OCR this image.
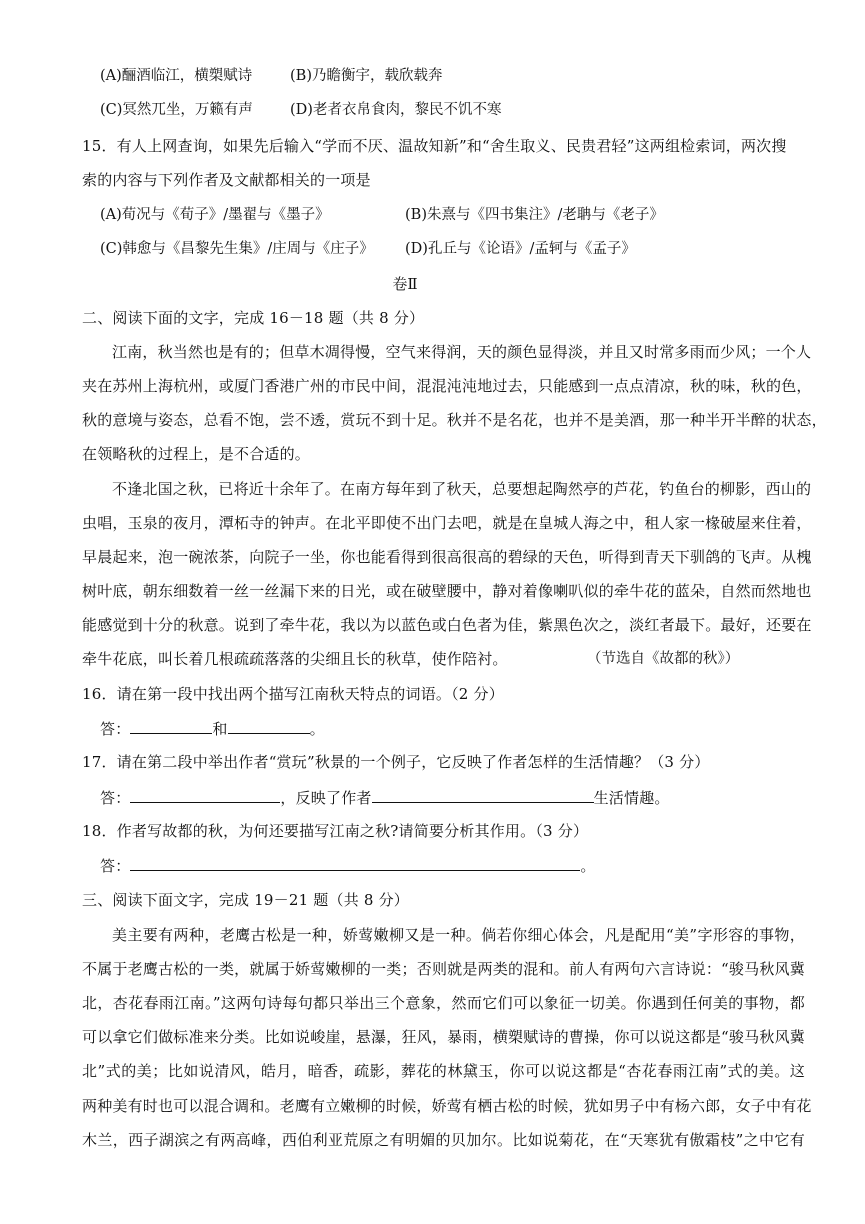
(A)酾酒临江，横槊赋诗	(B)乃瞻衡宇，载欣载奔
(C)冥然兀坐，万籁有声	(D)老者衣帛食肉，黎民不饥不寒
15．有人上网查询，如果先后输入“学而不厌、温故知新”和“舍生取义、民贵君轻”这两组检索词，两次搜
索的内容与下列作者及文献都相关的一项是
(A)荀况与《荀子》/墨翟与《墨子》	(B)朱熹与《四书集注》/老聃与《老子》
(C)韩愈与《昌黎先生集》/庄周与《庄子》 (D)孔丘与《论语》/孟轲与《孟子》
卷Ⅱ
二、阅读下面的文字，完成 16－18 题（共 8 分）
江南，秋当然也是有的；但草木凋得慢，空气来得润，天的颜色显得淡，并且又时常多雨而少风；一个人
夹在苏州上海杭州，或厦门香港广州的市民中间，混混沌沌地过去，只能感到一点点清凉，秋的味，秋的色，
秋的意境与姿态，总看不饱，尝不透，赏玩不到十足。秋并不是名花，也并不是美酒，那一种半开半醉的状态，
在领略秋的过程上，是不合适的。
不逢北国之秋，已将近十余年了。在南方每年到了秋天，总要想起陶然亭的芦花，钓鱼台的柳影，西山的
虫唱，玉泉的夜月，潭柘寺的钟声。在北平即使不出门去吧，就是在皇城人海之中，租人家一椽破屋来住着，
早晨起来，泡一碗浓茶，向院子一坐，你也能看得到很高很高的碧绿的天色，听得到青天下驯鸽的飞声。从槐
树叶底，朝东细数着一丝一丝漏下来的日光，或在破壁腰中，静对着像喇叭似的牵牛花的蓝朵，自然而然地也
能感觉到十分的秋意。说到了牵牛花，我以为以蓝色或白色者为佳，紫黑色次之，淡红者最下。最好，还要在
牵牛花底，叫长着几根疏疏落落的尖细且长的秋草，使作陪衬。	（节选自《故都的秋》）
16．请在第一段中找出两个描写江南秋天特点的词语。（2 分）
答：	和	。
17．请在第二段中举出作者“赏玩”秋景的一个例子，它反映了作者怎样的生活情趣？（3 分）
答：	，反映了作者	生活情趣。
18．作者写故都的秋，为何还要描写江南之秋?请简要分析其作用。（3 分）
答：	。
三、阅读下面文字，完成 19－21 题（共 8 分）
美主要有两种，老鹰古松是一种，娇莺嫩柳又是一种。倘若你细心体会，凡是配用“美”字形容的事物，
不属于老鹰古松的一类，就属于娇莺嫩柳的一类；否则就是两类的混和。前人有两句六言诗说：“骏马秋风冀
北，杏花春雨江南。”这两句诗每句都只举出三个意象，然而它们可以象征一切美。你遇到任何美的事物，都
可以拿它们做标准来分类。比如说峻崖，悬瀑，狂风，暴雨，横槊赋诗的曹操，你可以说这都是“骏马秋风冀
北”式的美；比如说清风，皓月，暗香，疏影，葬花的林黛玉，你可以说这都是“杏花春雨江南”式的美。这
两种美有时也可以混合调和。老鹰有立嫩柳的时候，娇莺有栖古松的时候，犹如男子中有杨六郎，女子中有花
木兰，西子湖滨之有两高峰，西伯利亚荒原之有明媚的贝加尔。比如说菊花，在“天寒犹有傲霜枝”之中它有
